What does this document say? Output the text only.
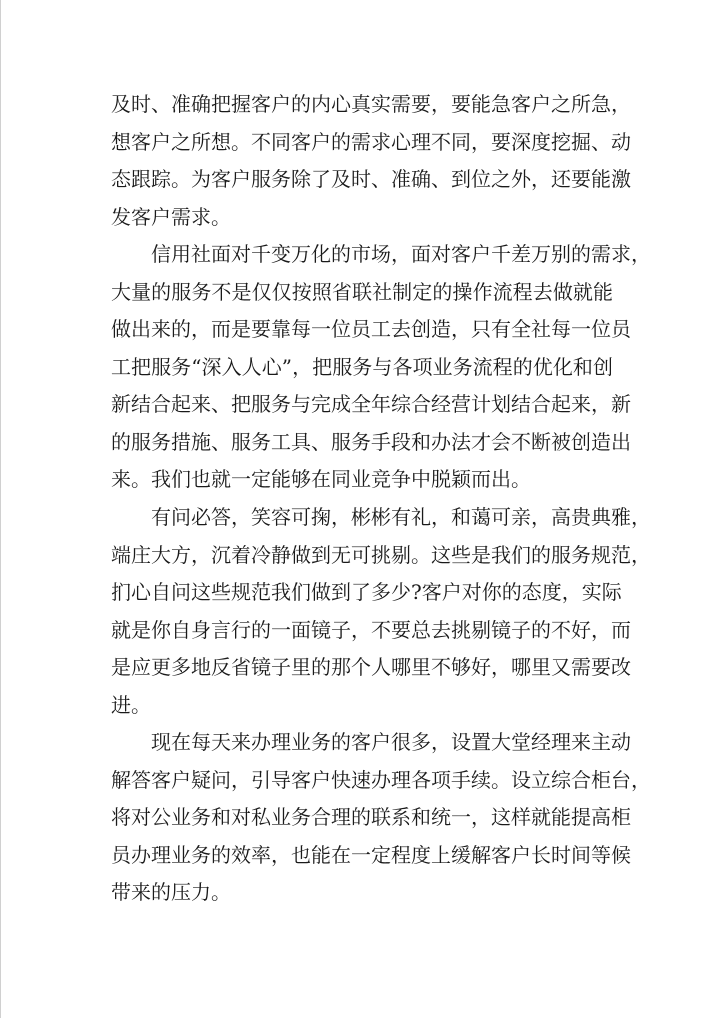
及时、准确把握客户的内心真实需要，要能急客户之所急，
想客户之所想。不同客户的需求心理不同，要深度挖掘、动
态跟踪。为客户服务除了及时、准确、到位之外，还要能激
发客户需求。
信用社面对千变万化的市场，面对客户千差万别的需求，
大量的服务不是仅仅按照省联社制定的操作流程去做就能
做出来的，而是要靠每一位员工去创造，只有全社每一位员
工把服务“深入人心”，把服务与各项业务流程的优化和创
新结合起来、把服务与完成全年综合经营计划结合起来，新
的服务措施、服务工具、服务手段和办法才会不断被创造出
来。我们也就一定能够在同业竞争中脱颖而出。
有问必答，笑容可掬，彬彬有礼，和蔼可亲，高贵典雅，
端庄大方，沉着冷静做到无可挑剔。这些是我们的服务规范，
扪心自问这些规范我们做到了多少?客户对你的态度，实际
就是你自身言行的一面镜子，不要总去挑剔镜子的不好，而
是应更多地反省镜子里的那个人哪里不够好，哪里又需要改
进。
现在每天来办理业务的客户很多，设置大堂经理来主动
解答客户疑问，引导客户快速办理各项手续。设立综合柜台，
将对公业务和对私业务合理的联系和统一，这样就能提高柜
员办理业务的效率，也能在一定程度上缓解客户长时间等候
带来的压力。
